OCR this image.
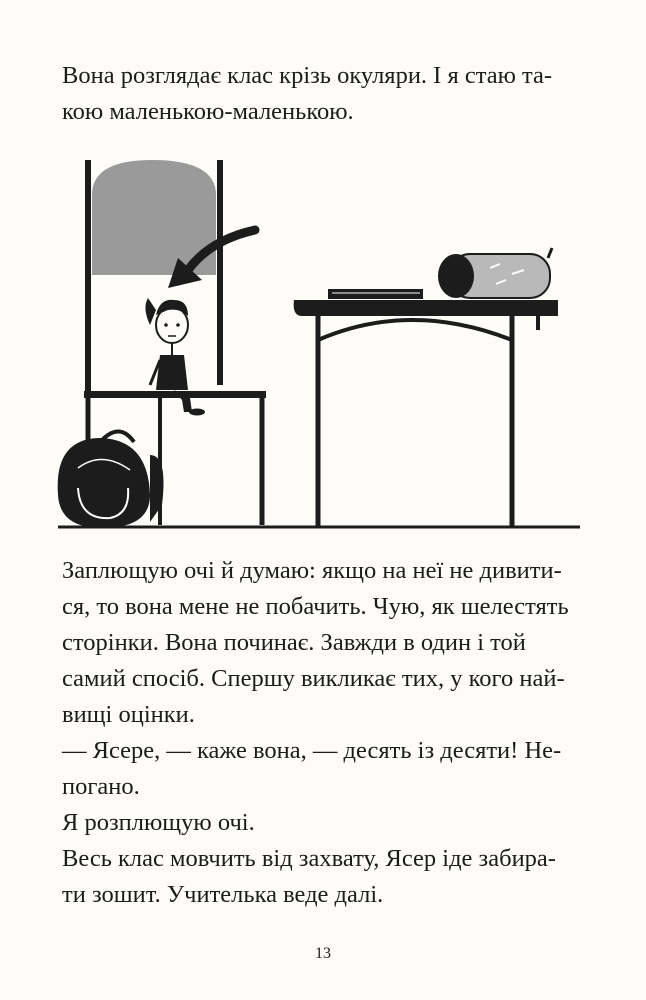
Вона розглядає клас крізь окуляри. І я стаю та-
кою маленькою-маленькою.

Заплющую очі й думаю: якщо на неї не дивити-
ся, то вона мене не побачить. Чую, як шелестять
сторінки. Вона починає. Завжди в один і той
самий спосіб. Спершу викликає тих, у кого най-
вищі оцінки.
— Ясере, — каже вона, — десять із десяти! Не-
погано.
Я розплющую очі.
Весь клас мовчить від захвату, Ясер іде забира-
ти зошит. Учителька веде далі.

13
